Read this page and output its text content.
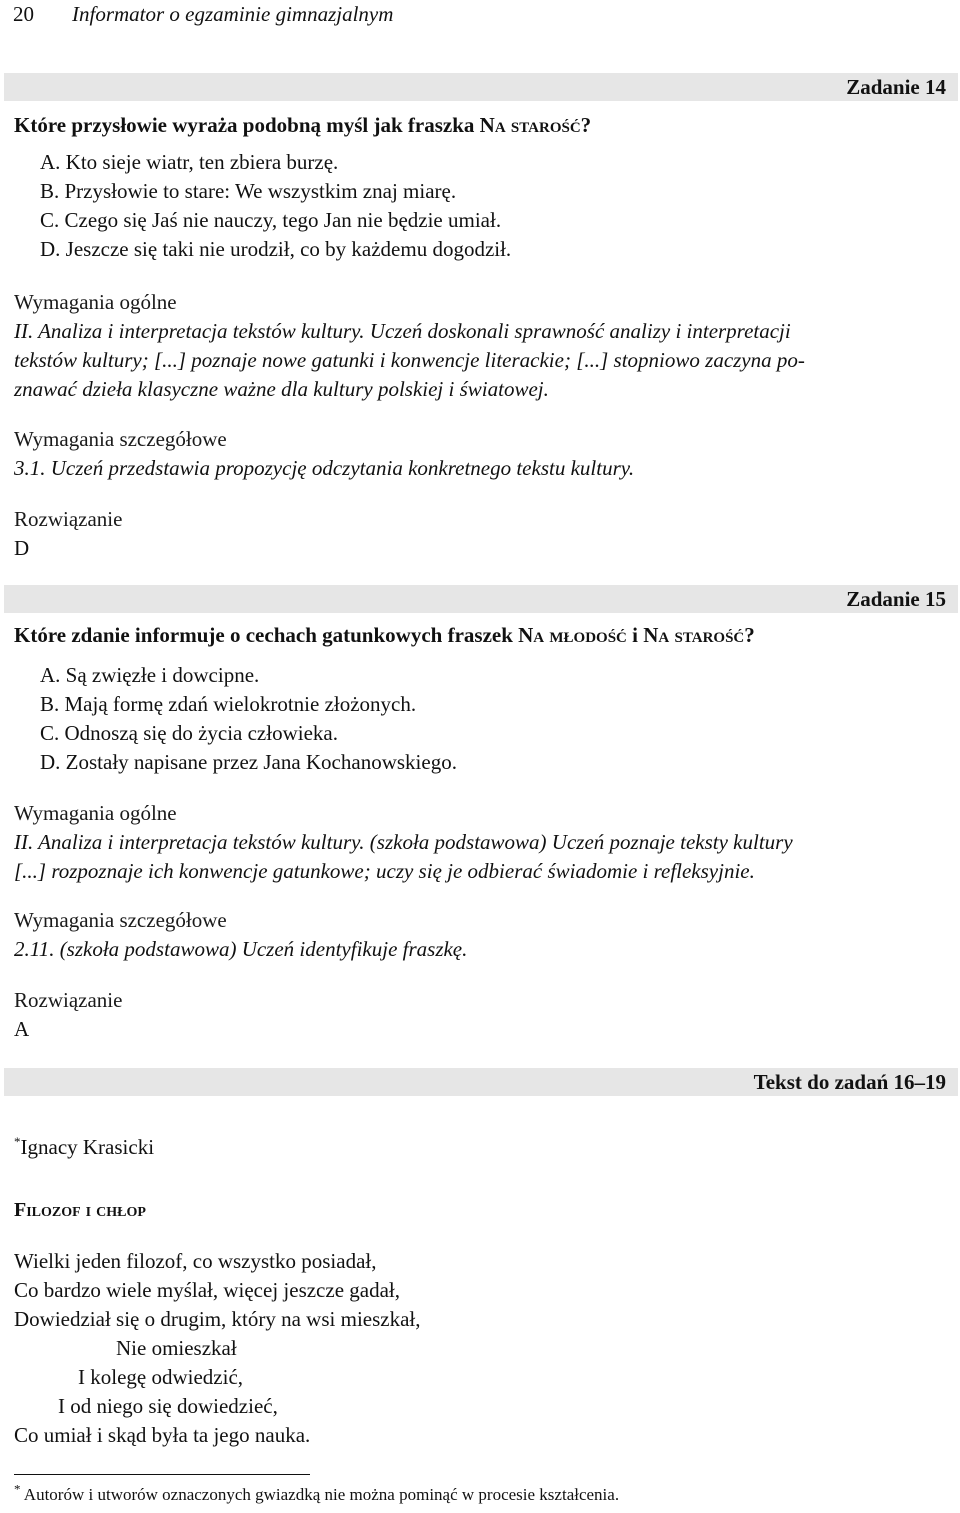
20 Informator o egzaminie gimnazjalnym
Zadanie 14
Które przysłowie wyraża podobną myśl jak fraszka Na starość?
A. Kto sieje wiatr, ten zbiera burzę.
B. Przysłowie to stare: We wszystkim znaj miarę.
C. Czego się Jaś nie nauczy, tego Jan nie będzie umiał.
D. Jeszcze się taki nie urodził, co by każdemu dogodził.
Wymagania ogólne
II. Analiza i interpretacja tekstów kultury. Uczeń doskonali sprawność analizy i interpretacji
tekstów kultury; [...] poznaje nowe gatunki i konwencje literackie; [...] stopniowo zaczyna po-
znawać dzieła klasyczne ważne dla kultury polskiej i światowej.
Wymagania szczegółowe
3.1. Uczeń przedstawia propozycję odczytania konkretnego tekstu kultury.
Rozwiązanie
D
Zadanie 15
Które zdanie informuje o cechach gatunkowych fraszek Na młodość i Na starość?
A. Są zwięzłe i dowcipne.
B. Mają formę zdań wielokrotnie złożonych.
C. Odnoszą się do życia człowieka.
D. Zostały napisane przez Jana Kochanowskiego.
Wymagania ogólne
II. Analiza i interpretacja tekstów kultury. (szkoła podstawowa) Uczeń poznaje teksty kultury
[...] rozpoznaje ich konwencje gatunkowe; uczy się je odbierać świadomie i refleksyjnie.
Wymagania szczegółowe
2.11. (szkoła podstawowa) Uczeń identyfikuje fraszkę.
Rozwiązanie
A
Tekst do zadań 16–19
*Ignacy Krasicki
Filozof i chłop
Wielki jeden filozof, co wszystko posiadał,
Co bardzo wiele myślał, więcej jeszcze gadał,
Dowiedział się o drugim, który na wsi mieszkał,
Nie omieszkał
I kolegę odwiedzić,
I od niego się dowiedzieć,
Co umiał i skąd była ta jego nauka.
* Autorów i utworów oznaczonych gwiazdką nie można pominąć w procesie kształcenia.
